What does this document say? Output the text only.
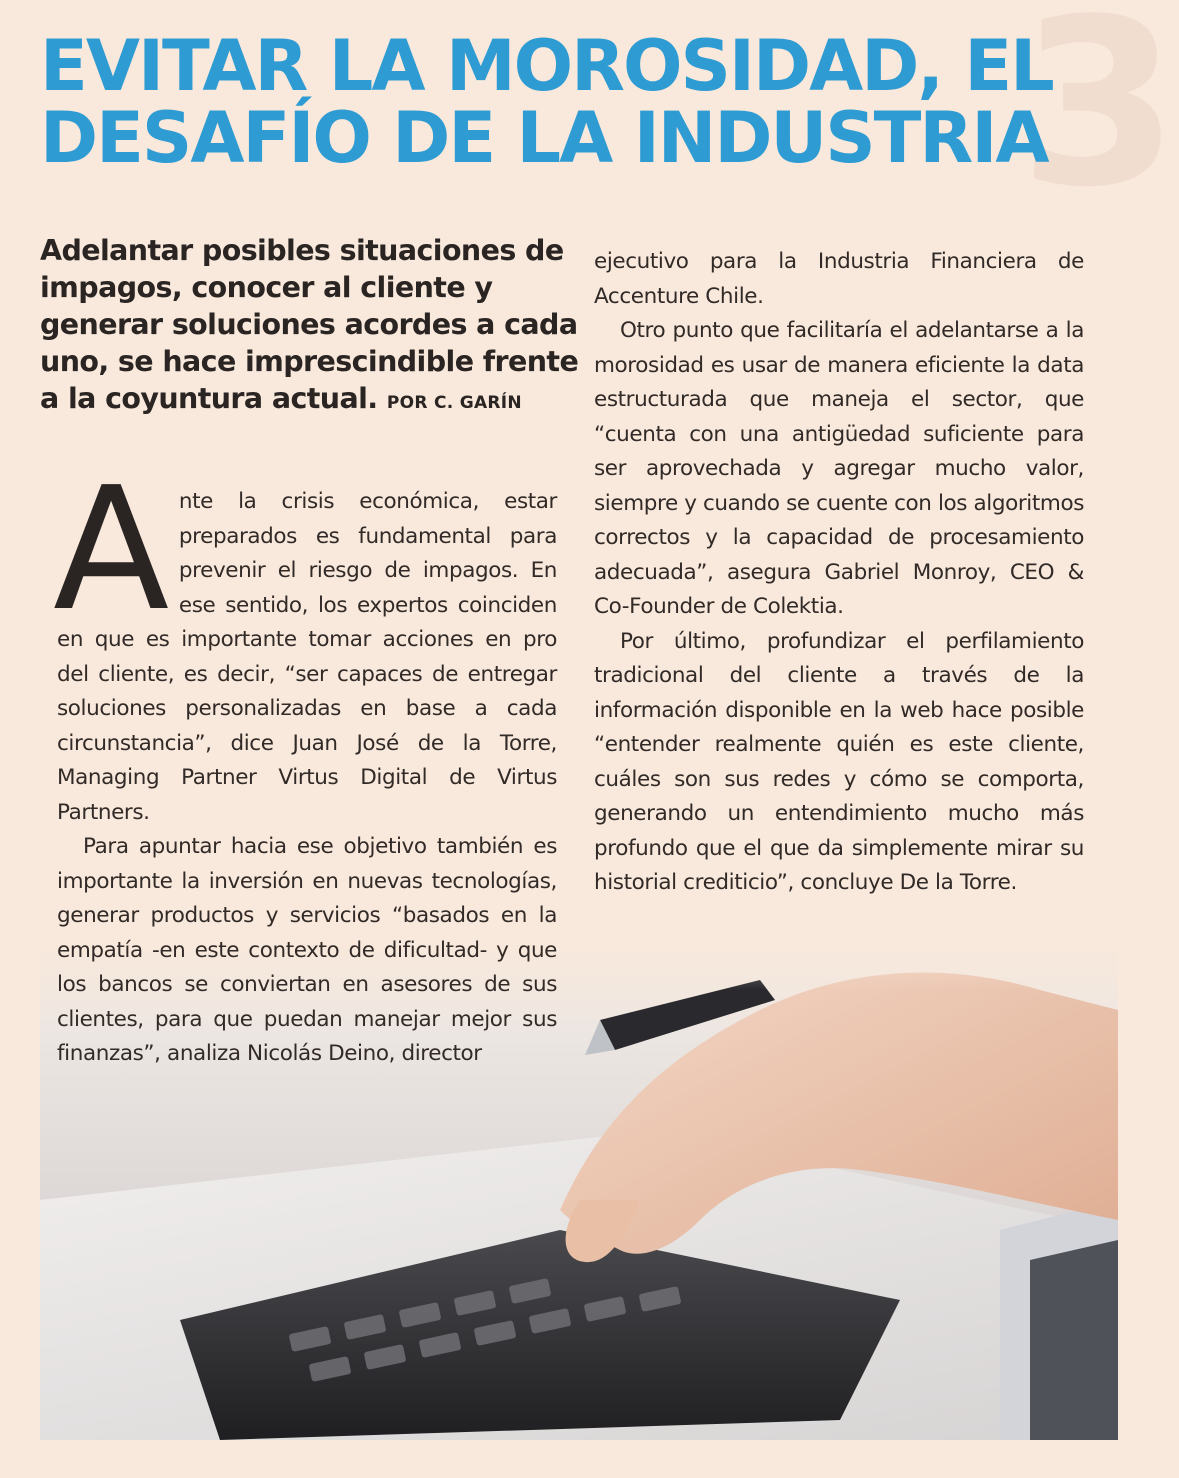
3
EVITAR LA MOROSIDAD, EL
DESAFÍO DE LA INDUSTRIA

Adelantar posibles situaciones de impagos, conocer al cliente y generar soluciones acordes a cada uno, se hace imprescindible frente a la coyuntura actual. POR C. GARÍN

A nte la crisis económica, estar preparados es fundamental para prevenir el riesgo de impagos. En ese sentido, los expertos coinciden en que es importante tomar acciones en pro del cliente, es decir, “ser capaces de entregar soluciones personalizadas en base a cada circunstancia”, dice Juan José de la Torre, Managing Partner Virtus Digital de Virtus Partners.

Para apuntar hacia ese objetivo también es importante la inversión en nuevas tecnologías, generar productos y servicios “basados en la empatía -en este contexto de dificultad- y que los bancos se conviertan en asesores de sus clientes, para que puedan manejar mejor sus finanzas”, analiza Nicolás Deino, director

ejecutivo para la Industria Financiera de Accenture Chile.

Otro punto que facilitaría el adelantarse a la morosidad es usar de manera eficiente la data estructurada que maneja el sector, que “cuenta con una antigüedad suficiente para ser aprovechada y agregar mucho valor, siempre y cuando se cuente con los algoritmos correctos y la capacidad de procesamiento adecuada”, asegura Gabriel Monroy, CEO & Co-Founder de Colektia.

Por último, profundizar el perfilamiento tradicional del cliente a través de la información disponible en la web hace posible “entender realmente quién es este cliente, cuáles son sus redes y cómo se comporta, generando un entendimiento mucho más profundo que el que da simplemente mirar su historial crediticio”, concluye De la Torre.
